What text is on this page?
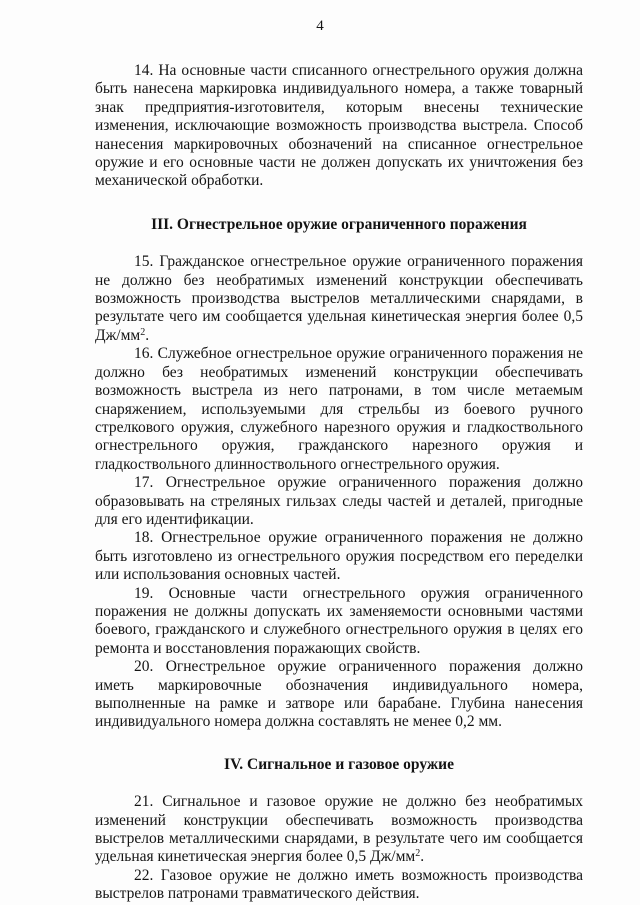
4

14. На основные части списанного огнестрельного оружия должна быть нанесена маркировка индивидуального номера, а также товарный знак предприятия-изготовителя, которым внесены технические изменения, исключающие возможность производства выстрела. Способ нанесения маркировочных обозначений на списанное огнестрельное оружие и его основные части не должен допускать их уничтожения без механической обработки.

III. Огнестрельное оружие ограниченного поражения

15. Гражданское огнестрельное оружие ограниченного поражения не должно без необратимых изменений конструкции обеспечивать возможность производства выстрелов металлическими снарядами, в результате чего им сообщается удельная кинетическая энергия более 0,5 $Дж/мм^2$.

16. Служебное огнестрельное оружие ограниченного поражения не должно без необратимых изменений конструкции обеспечивать возможность выстрела из него патронами, в том числе метаемым снаряжением, используемыми для стрельбы из боевого ручного стрелкового оружия, служебного нарезного оружия и гладкоствольного огнестрельного оружия, гражданского нарезного оружия и гладкоствольного длинноствольного огнестрельного оружия.

17. Огнестрельное оружие ограниченного поражения должно образовывать на стреляных гильзах следы частей и деталей, пригодные для его идентификации.

18. Огнестрельное оружие ограниченного поражения не должно быть изготовлено из огнестрельного оружия посредством его переделки или использования основных частей.

19. Основные части огнестрельного оружия ограниченного поражения не должны допускать их заменяемости основными частями боевого, гражданского и служебного огнестрельного оружия в целях его ремонта и восстановления поражающих свойств.

20. Огнестрельное оружие ограниченного поражения должно иметь маркировочные обозначения индивидуального номера, выполненные на рамке и затворе или барабане. Глубина нанесения индивидуального номера должна составлять не менее 0,2 мм.

IV. Сигнальное и газовое оружие

21. Сигнальное и газовое оружие не должно без необратимых изменений конструкции обеспечивать возможность производства выстрелов металлическими снарядами, в результате чего им сообщается удельная кинетическая энергия более 0,5 $Дж/мм^2$.

22. Газовое оружие не должно иметь возможность производства выстрелов патронами травматического действия.
